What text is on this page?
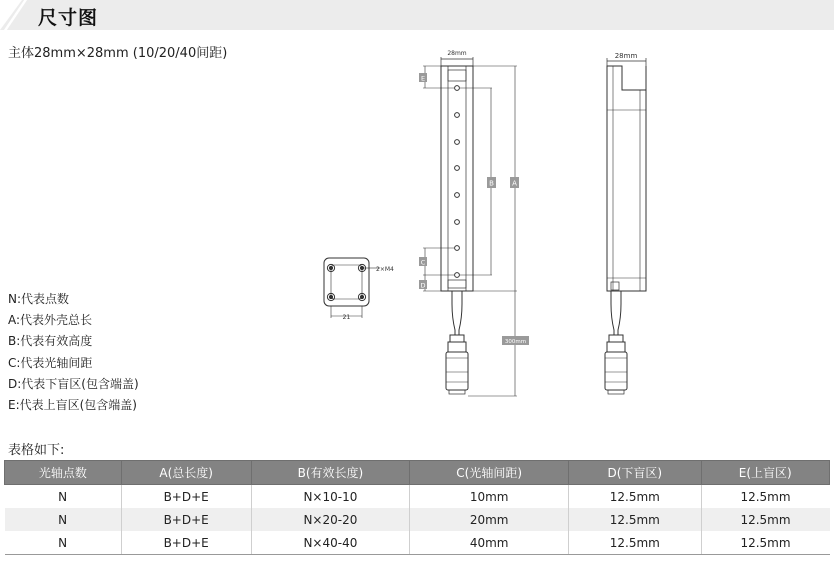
尺寸图
主体28mm×28mm (10/20/40间距)	28mm	28mm
E
C
D
B	A
300mm
2×M4
21
N:代表点数
A:代表外壳总长
B:代表有效高度
C:代表光轴间距
D:代表下盲区(包含端盖)
E:代表上盲区(包含端盖)
表格如下:
光轴点数	A(总长度)	B(有效长度)	C(光轴间距)	D(下盲区)	E(上盲区)
N	B+D+E	N×10-10	10mm	12.5mm	12.5mm
N	B+D+E	N×20-20	20mm	12.5mm	12.5mm
N	B+D+E	N×40-40	40mm	12.5mm	12.5mm
